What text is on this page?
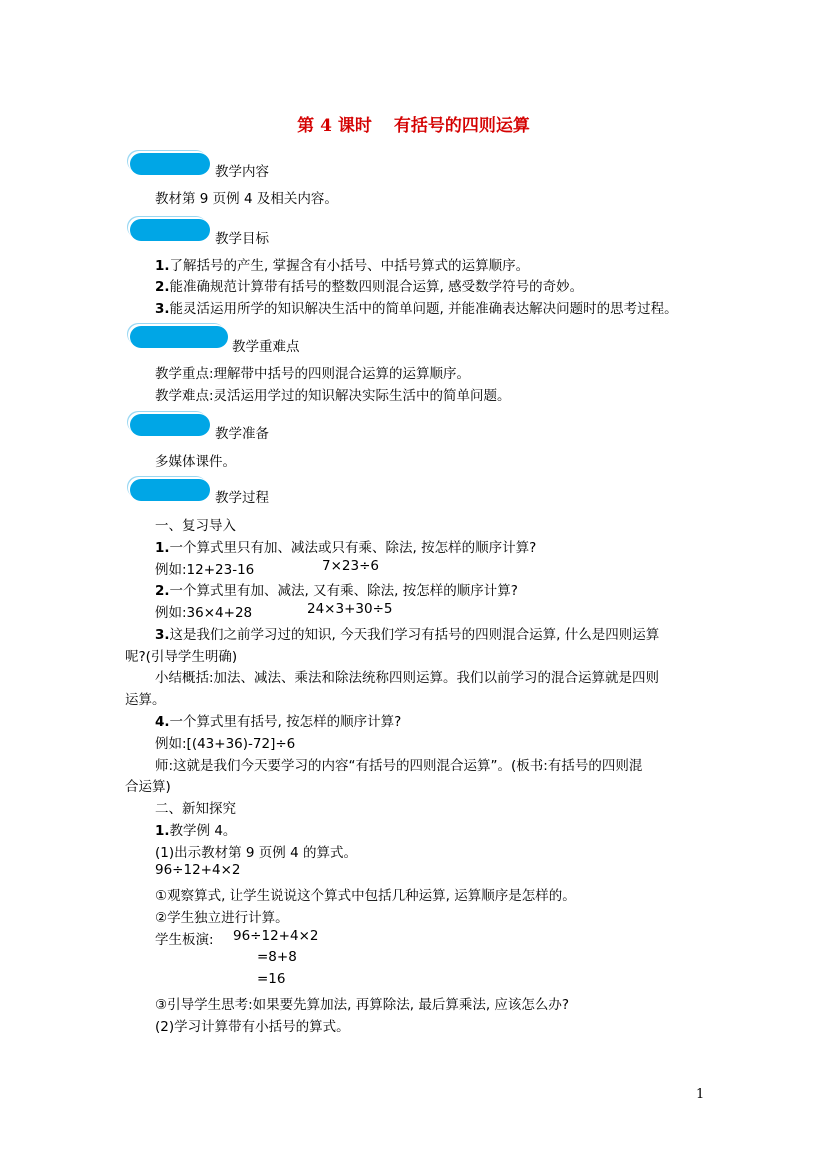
第 4 课时 有括号的四则运算
教学内容
教材第 9 页例 4 及相关内容。
教学目标
1.了解括号的产生, 掌握含有小括号、中括号算式的运算顺序。
2.能准确规范计算带有括号的整数四则混合运算, 感受数学符号的奇妙。
3.能灵活运用所学的知识解决生活中的简单问题, 并能准确表达解决问题时的思考过程。
教学重难点
教学重点:理解带中括号的四则混合运算的运算顺序。
教学难点:灵活运用学过的知识解决实际生活中的简单问题。
教学准备
多媒体课件。
教学过程
一、复习导入
1.一个算式里只有加、减法或只有乘、除法, 按怎样的顺序计算?
例如:12+23-16	7×23÷6
2.一个算式里有加、减法, 又有乘、除法, 按怎样的顺序计算?
例如:36×4+28	24×3+30÷5
3.这是我们之前学习过的知识, 今天我们学习有括号的四则混合运算, 什么是四则运算
呢?(引导学生明确)
小结概括:加法、减法、乘法和除法统称四则运算。我们以前学习的混合运算就是四则
运算。
4.一个算式里有括号, 按怎样的顺序计算?
例如:[(43+36)-72]÷6
师:这就是我们今天要学习的内容“有括号的四则混合运算”。(板书:有括号的四则混
合运算)
二、新知探究
1.教学例 4。
(1)出示教材第 9 页例 4 的算式。
96÷12+4×2
①观察算式, 让学生说说这个算式中包括几种运算, 运算顺序是怎样的。
②学生独立进行计算。
学生板演: 96÷12+4×2
=8+8
=16
③引导学生思考:如果要先算加法, 再算除法, 最后算乘法, 应该怎么办?
(2)学习计算带有小括号的算式。
1
